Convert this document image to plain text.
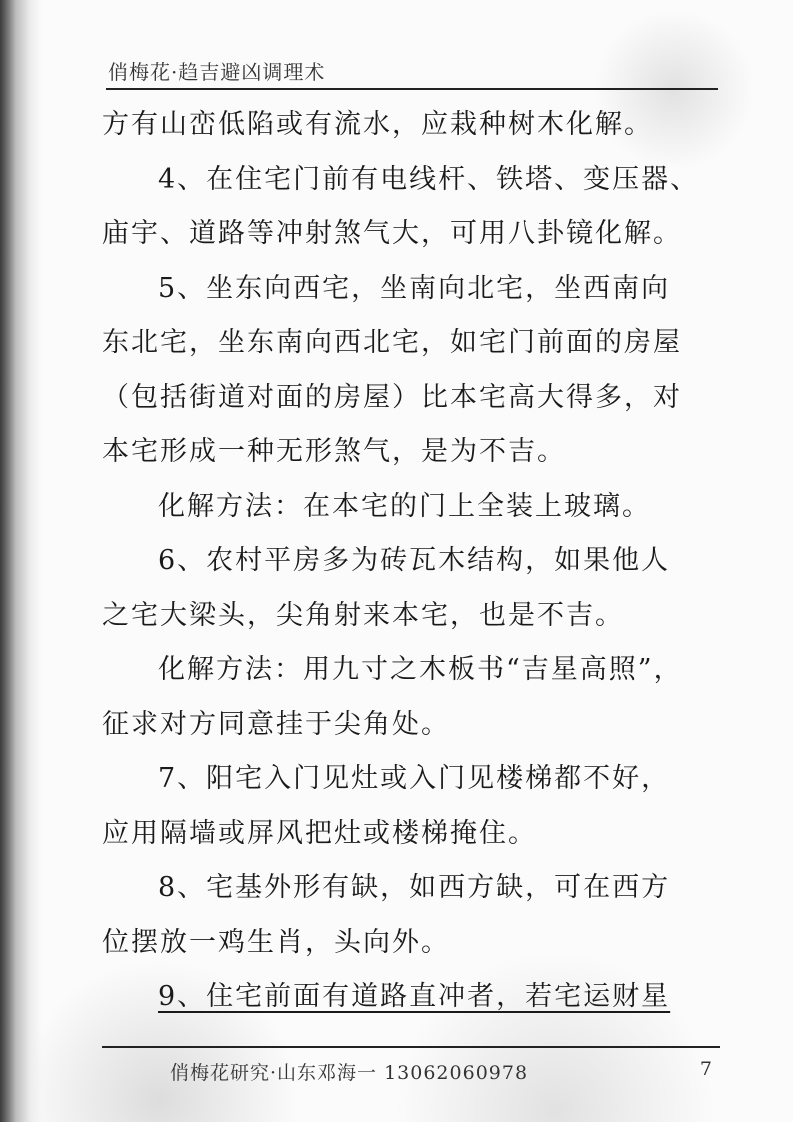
俏梅花·趋吉避凶调理术
方有山峦低陷或有流水，应栽种树木化解。
4、在住宅门前有电线杆、铁塔、变压器、
庙宇、道路等冲射煞气大，可用八卦镜化解。
5、坐东向西宅，坐南向北宅，坐西南向
东北宅，坐东南向西北宅，如宅门前面的房屋
（包括街道对面的房屋）比本宅高大得多，对
本宅形成一种无形煞气，是为不吉。
化解方法：在本宅的门上全装上玻璃。
6、农村平房多为砖瓦木结构，如果他人
之宅大梁头，尖角射来本宅，也是不吉。
化解方法：用九寸之木板书“吉星高照”，
征求对方同意挂于尖角处。
7、阳宅入门见灶或入门见楼梯都不好，
应用隔墙或屏风把灶或楼梯掩住。
8、宅基外形有缺，如西方缺，可在西方
位摆放一鸡生肖，头向外。
9、住宅前面有道路直冲者，若宅运财星
俏梅花研究·山东邓海一 13062060978	7
